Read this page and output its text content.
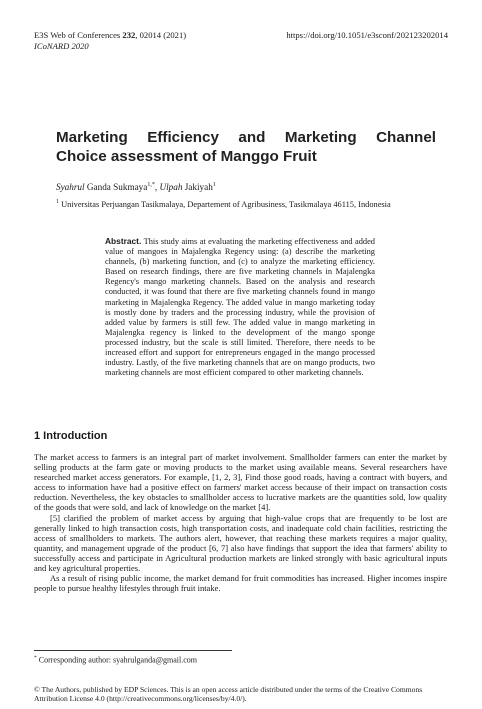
E3S Web of Conferences 232, 02014 (2021)	https://doi.org/10.1051/e3sconf/202123202014
ICoNARD 2020
Marketing Efficiency and Marketing Channel
Choice assessment of Manggo Fruit
Syahrul Ganda Sukmaya$^{1,*}$, Ulpah Jakiyah$^1$
$^1$ Universitas Perjuangan Tasikmalaya, Departement of Agribusiness, Tasikmalaya 46115, Indonesia

Abstract. This study aims at evaluating the marketing effectiveness and added value of mangoes in Majalengka Regency using: (a) describe the marketing channels, (b) marketing function, and (c) to analyze the marketing efficiency. Based on research findings, there are five marketing channels in Majalengka Regency's mango marketing channels. Based on the analysis and research conducted, it was found that there are five marketing channels found in mango marketing in Majalengka Regency. The added value in mango marketing today is mostly done by traders and the processing industry, while the provision of added value by farmers is still few. The added value in mango marketing in Majalengka regency is linked to the development of the mango sponge processed industry, but the scale is still limited. Therefore, there needs to be increased effort and support for entrepreneurs engaged in the mango processed industry. Lastly, of the five marketing channels that are on mango products, two marketing channels are most efficient compared to other marketing channels.

1 Introduction

The market access to farmers is an integral part of market involvement. Smallholder farmers can enter the market by selling products at the farm gate or moving products to the market using available means. Several researchers have researched market access generators. For example, [1, 2, 3], Find those good roads, having a contract with buyers, and access to information have had a positive effect on farmers' market access because of their impact on transaction costs reduction. Nevertheless, the key obstacles to smallholder access to lucrative markets are the quantities sold, low quality of the goods that were sold, and lack of knowledge on the market [4].

[5] clarified the problem of market access by arguing that high-value crops that are frequently to be lost are generally linked to high transaction costs, high transportation costs, and inadequate cold chain facilities, restricting the access of smallholders to markets. The authors alert, however, that reaching these markets requires a major quality, quantity, and management upgrade of the product [6, 7] also have findings that support the idea that farmers' ability to successfully access and participate in Agricultural production markets are linked strongly with basic agricultural inputs and key agricultural properties.

As a result of rising public income, the market demand for fruit commodities has increased. Higher incomes inspire people to pursue healthy lifestyles through fruit intake.

* Corresponding author: syahrulganda@gmail.com
© The Authors, published by EDP Sciences. This is an open access article distributed under the terms of the Creative Commons Attribution License 4.0 (http://creativecommons.org/licenses/by/4.0/).
